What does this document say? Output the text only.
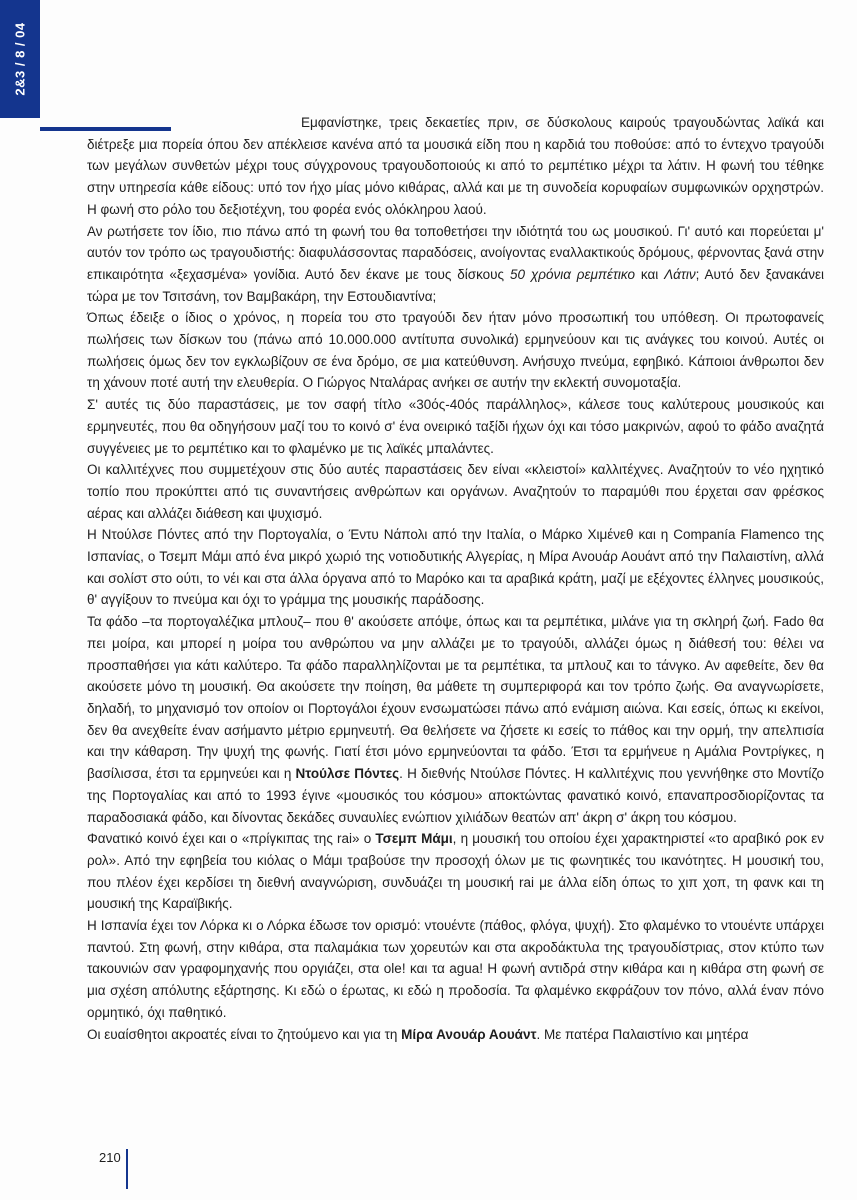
2&3 / 8 / 04

Εμφανίστηκε, τρεις δεκαετίες πριν, σε δύσκολους καιρούς τραγουδώντας λαϊκά και διέτρεξε μια πορεία όπου δεν απέκλεισε κανένα από τα μουσικά είδη που η καρδιά του ποθούσε: από το έντεχνο τραγούδι των μεγάλων συνθετών μέχρι τους σύγχρονους τραγουδοποιούς κι από το ρεμπέτικο μέχρι τα λάτιν. Η φωνή του τέθηκε στην υπηρεσία κάθε είδους: υπό τον ήχο μίας μόνο κιθάρας, αλλά και με τη συνοδεία κορυφαίων συμφωνικών ορχηστρών. Η φωνή στο ρόλο του δεξιοτέχνη, του φορέα ενός ολόκληρου λαού.

Αν ρωτήσετε τον ίδιο, πιο πάνω από τη φωνή του θα τοποθετήσει την ιδιότητά του ως μουσικού. Γι' αυτό και πορεύεται μ' αυτόν τον τρόπο ως τραγουδιστής: διαφυλάσσοντας παραδόσεις, ανοίγοντας εναλλακτικούς δρόμους, φέρνοντας ξανά στην επικαιρότητα «ξεχασμένα» γονίδια. Αυτό δεν έκανε με τους δίσκους 50 χρόνια ρεμπέτικο και Λάτιν; Αυτό δεν ξανακάνει τώρα με τον Τσιτσάνη, τον Βαμβακάρη, την Εστουδιαντίνα;

Όπως έδειξε ο ίδιος ο χρόνος, η πορεία του στο τραγούδι δεν ήταν μόνο προσωπική του υπόθεση. Οι πρωτοφανείς πωλήσεις των δίσκων του (πάνω από 10.000.000 αντίτυπα συνολικά) ερμηνεύουν και τις ανάγκες του κοινού. Αυτές οι πωλήσεις όμως δεν τον εγκλωβίζουν σε ένα δρόμο, σε μια κατεύθυνση. Ανήσυχο πνεύμα, εφηβικό. Κάποιοι άνθρωποι δεν τη χάνουν ποτέ αυτή την ελευθερία. Ο Γιώργος Νταλάρας ανήκει σε αυτήν την εκλεκτή συνομοταξία.

Σ' αυτές τις δύο παραστάσεις, με τον σαφή τίτλο «30ός-40ός παράλληλος», κάλεσε τους καλύτερους μουσικούς και ερμηνευτές, που θα οδηγήσουν μαζί του το κοινό σ' ένα ονειρικό ταξίδι ήχων όχι και τόσο μακρινών, αφού το φάδο αναζητά συγγένειες με το ρεμπέτικο και το φλαμένκο με τις λαϊκές μπαλάντες.

Οι καλλιτέχνες που συμμετέχουν στις δύο αυτές παραστάσεις δεν είναι «κλειστοί» καλλιτέχνες. Αναζητούν το νέο ηχητικό τοπίο που προκύπτει από τις συναντήσεις ανθρώπων και οργάνων. Αναζητούν το παραμύθι που έρχεται σαν φρέσκος αέρας και αλλάζει διάθεση και ψυχισμό.

Η Ντούλσε Πόντες από την Πορτογαλία, ο Έντυ Νάπολι από την Ιταλία, ο Μάρκο Χιμένεθ και η Companía Flamenco της Ισπανίας, ο Τσεμπ Μάμι από ένα μικρό χωριό της νοτιοδυτικής Αλγερίας, η Μίρα Ανουάρ Αουάντ από την Παλαιστίνη, αλλά και σολίστ στο ούτι, το νέι και στα άλλα όργανα από το Μαρόκο και τα αραβικά κράτη, μαζί με εξέχοντες έλληνες μουσικούς, θ' αγγίξουν το πνεύμα και όχι το γράμμα της μουσικής παράδοσης.

Τα φάδο –τα πορτογαλέζικα μπλουζ– που θ' ακούσετε απόψε, όπως και τα ρεμπέτικα, μιλάνε για τη σκληρή ζωή. Fado θα πει μοίρα, και μπορεί η μοίρα του ανθρώπου να μην αλλάζει με το τραγούδι, αλλάζει όμως η διάθεσή του: θέλει να προσπαθήσει για κάτι καλύτερο. Τα φάδο παραλληλίζονται με τα ρεμπέτικα, τα μπλουζ και το τάνγκο. Αν αφεθείτε, δεν θα ακούσετε μόνο τη μουσική. Θα ακούσετε την ποίηση, θα μάθετε τη συμπεριφορά και τον τρόπο ζωής. Θα αναγνωρίσετε, δηλαδή, το μηχανισμό τον οποίον οι Πορτογάλοι έχουν ενσωματώσει πάνω από ενάμιση αιώνα. Και εσείς, όπως κι εκείνοι, δεν θα ανεχθείτε έναν ασήμαντο μέτριο ερμηνευτή. Θα θελήσετε να ζήσετε κι εσείς το πάθος και την ορμή, την απελπισία και την κάθαρση. Την ψυχή της φωνής. Γιατί έτσι μόνο ερμηνεύονται τα φάδο. Έτσι τα ερμήνευε η Αμάλια Ροντρίγκες, η βασίλισσα, έτσι τα ερμηνεύει και η Ντούλσε Πόντες. Η διεθνής Ντούλσε Πόντες. Η καλλιτέχνις που γεννήθηκε στο Μοντίζο της Πορτογαλίας και από το 1993 έγινε «μουσικός του κόσμου» αποκτώντας φανατικό κοινό, επαναπροσδιορίζοντας τα παραδοσιακά φάδο, και δίνοντας δεκάδες συναυλίες ενώπιον χιλιάδων θεατών απ' άκρη σ' άκρη του κόσμου.

Φανατικό κοινό έχει και ο «πρίγκιπας της rai» ο Τσεμπ Μάμι, η μουσική του οποίου έχει χαρακτηριστεί «το αραβικό ροκ εν ρολ». Από την εφηβεία του κιόλας ο Μάμι τραβούσε την προσοχή όλων με τις φωνητικές του ικανότητες. Η μουσική του, που πλέον έχει κερδίσει τη διεθνή αναγνώριση, συνδυάζει τη μουσική rai με άλλα είδη όπως το χιπ χοπ, τη φανκ και τη μουσική της Καραϊβικής.

Η Ισπανία έχει τον Λόρκα κι ο Λόρκα έδωσε τον ορισμό: ντουέντε (πάθος, φλόγα, ψυχή). Στο φλαμένκο το ντουέντε υπάρχει παντού. Στη φωνή, στην κιθάρα, στα παλαμάκια των χορευτών και στα ακροδάκτυλα της τραγουδίστριας, στον κτύπο των τακουνιών σαν γραφομηχανής που οργιάζει, στα ole! και τα agua! Η φωνή αντιδρά στην κιθάρα και η κιθάρα στη φωνή σε μια σχέση απόλυτης εξάρτησης. Κι εδώ ο έρωτας, κι εδώ η προδοσία. Τα φλαμένκο εκφράζουν τον πόνο, αλλά έναν πόνο ορμητικό, όχι παθητικό.

Οι ευαίσθητοι ακροατές είναι το ζητούμενο και για τη Μίρα Ανουάρ Αουάντ. Με πατέρα Παλαιστίνιο και μητέρα

210
